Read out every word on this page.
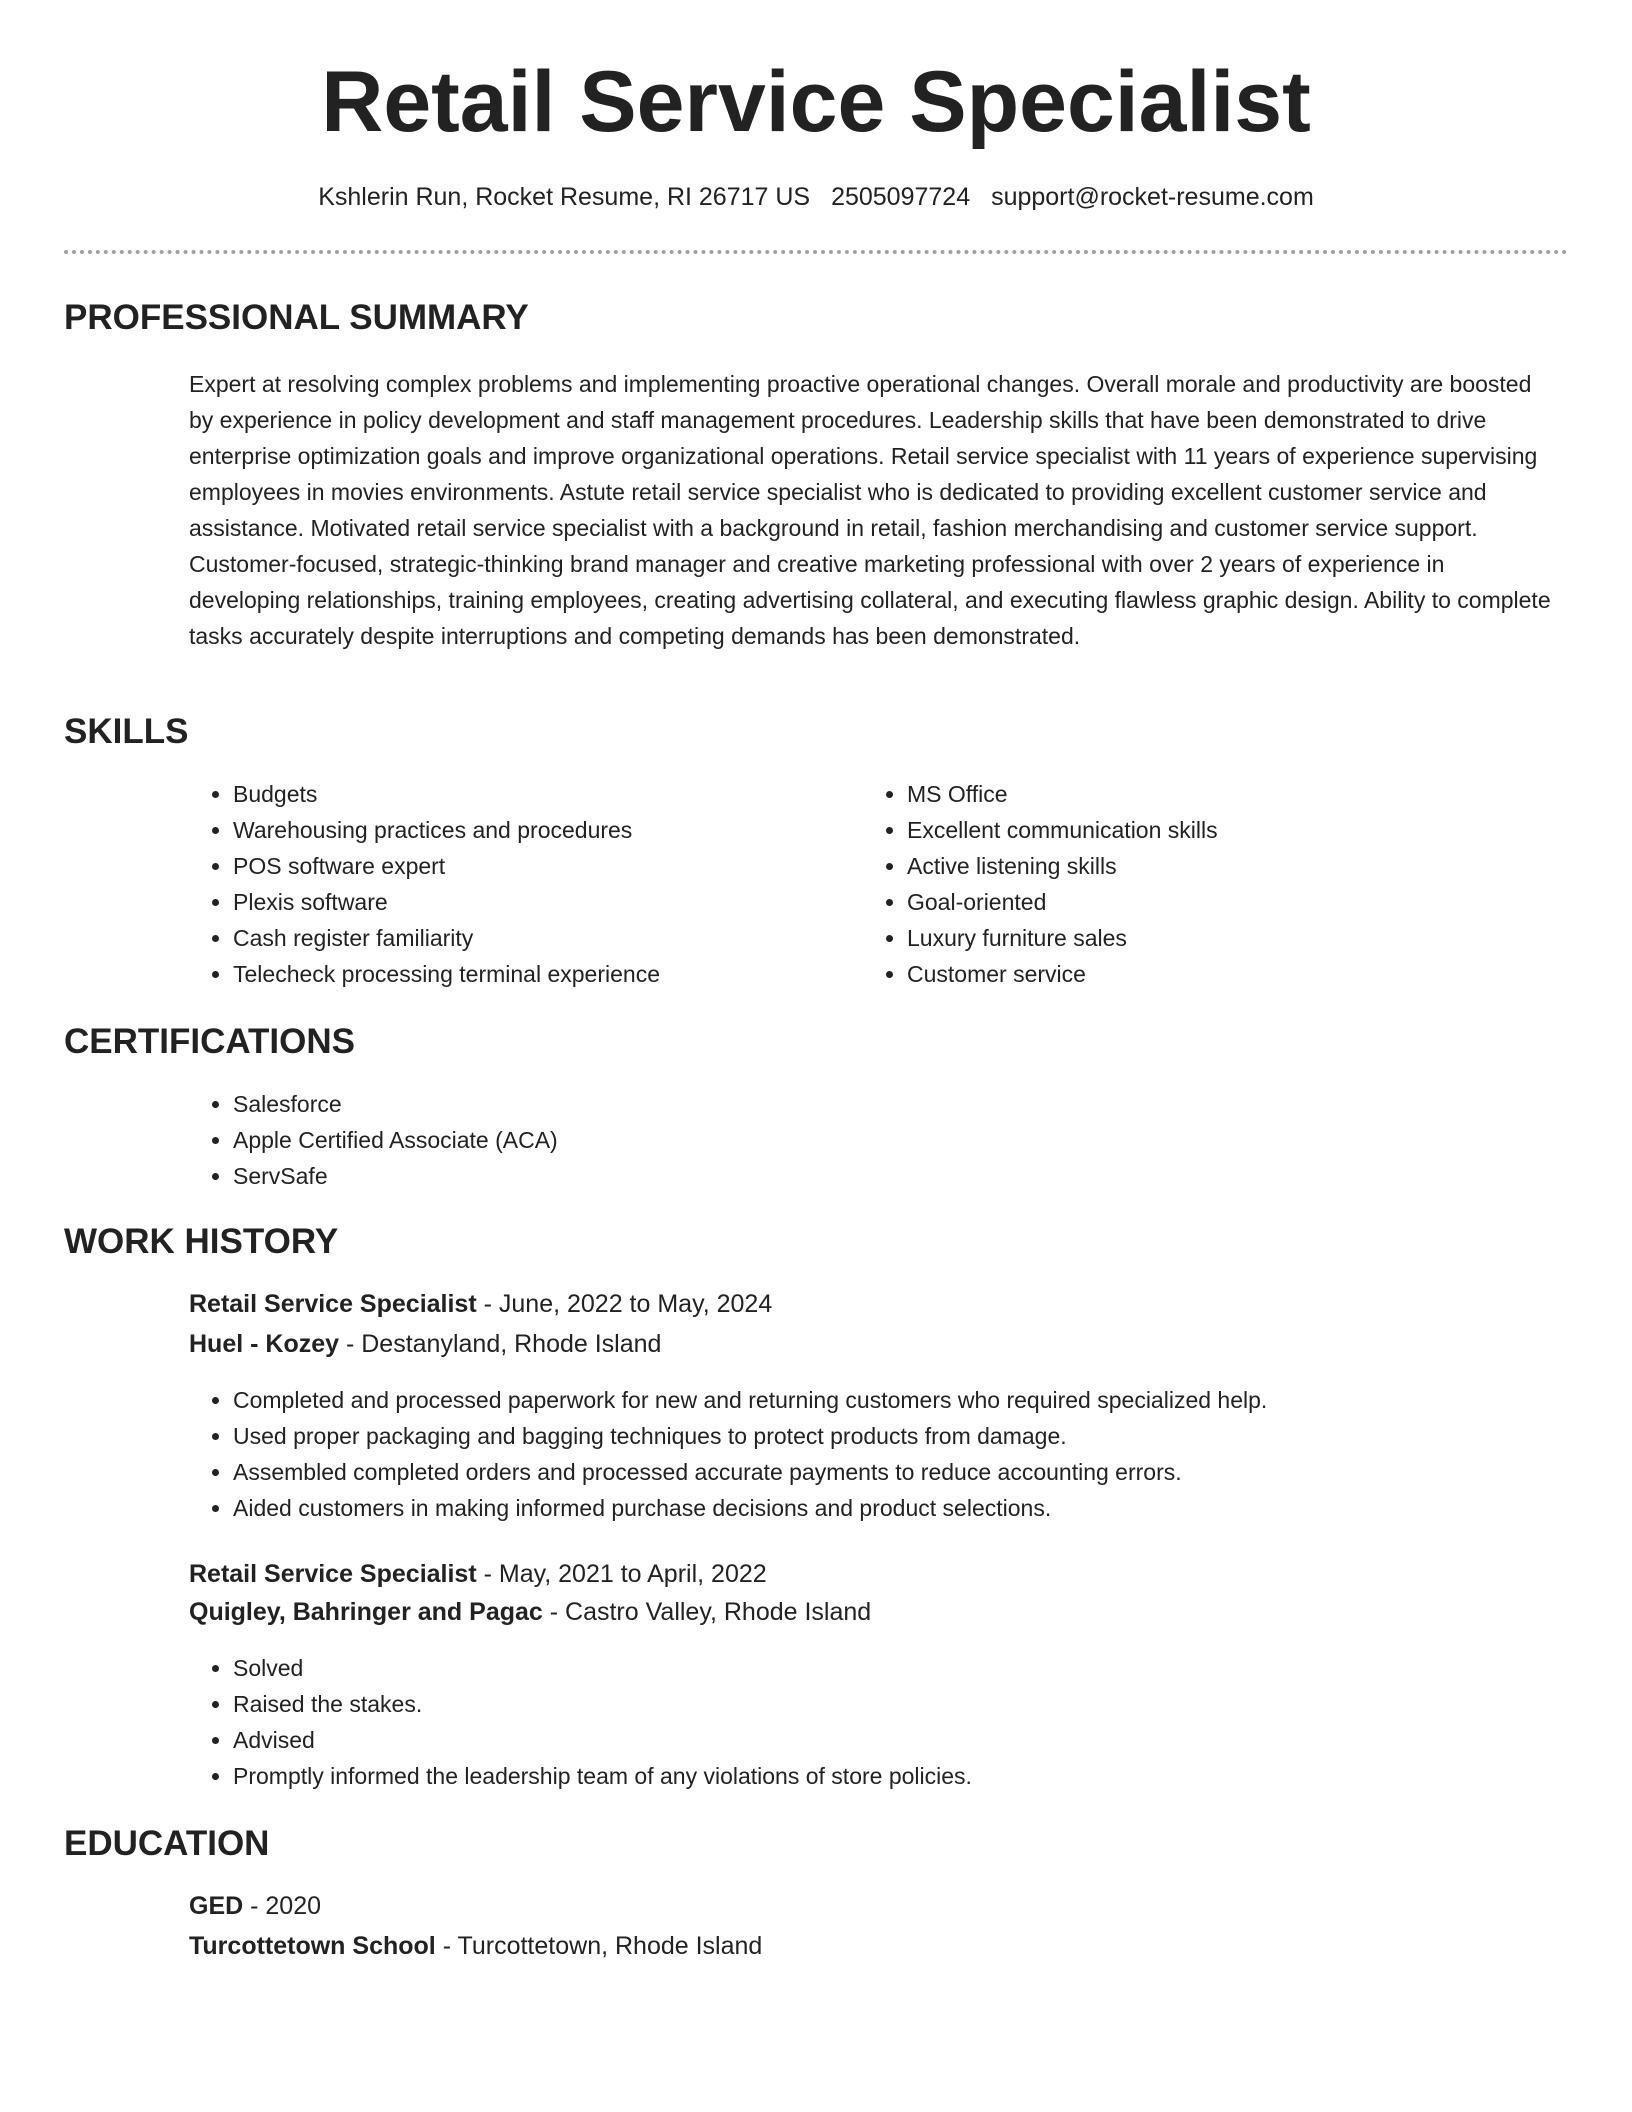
Retail Service Specialist
Kshlerin Run, Rocket Resume, RI 26717 US 2505097724 support@rocket-resume.com
PROFESSIONAL SUMMARY

Expert at resolving complex problems and implementing proactive operational changes. Overall morale and productivity are boosted by experience in policy development and staff management procedures. Leadership skills that have been demonstrated to drive enterprise optimization goals and improve organizational operations. Retail service specialist with 11 years of experience supervising employees in movies environments. Astute retail service specialist who is dedicated to providing excellent customer service and assistance. Motivated retail service specialist with a background in retail, fashion merchandising and customer service support. Customer-focused, strategic-thinking brand manager and creative marketing professional with over 2 years of experience in developing relationships, training employees, creating advertising collateral, and executing flawless graphic design. Ability to complete tasks accurately despite interruptions and competing demands has been demonstrated.

SKILLS
• Budgets
• Warehousing practices and procedures
• POS software expert
• Plexis software
• Cash register familiarity
• Telecheck processing terminal experience
• MS Office
• Excellent communication skills
• Active listening skills
• Goal-oriented
• Luxury furniture sales
• Customer service
CERTIFICATIONS
• Salesforce
• Apple Certified Associate (ACA)
• ServSafe
WORK HISTORY

Retail Service Specialist - June, 2022 to May, 2024

Huel - Kozey - Destanyland, Rhode Island

• Completed and processed paperwork for new and returning customers who required specialized help.
• Used proper packaging and bagging techniques to protect products from damage.
• Assembled completed orders and processed accurate payments to reduce accounting errors.
• Aided customers in making informed purchase decisions and product selections.

Retail Service Specialist - May, 2021 to April, 2022

Quigley, Bahringer and Pagac - Castro Valley, Rhode Island

• Solved
• Raised the stakes.
• Advised
• Promptly informed the leadership team of any violations of store policies.
EDUCATION

GED - 2020

Turcottetown School - Turcottetown, Rhode Island
